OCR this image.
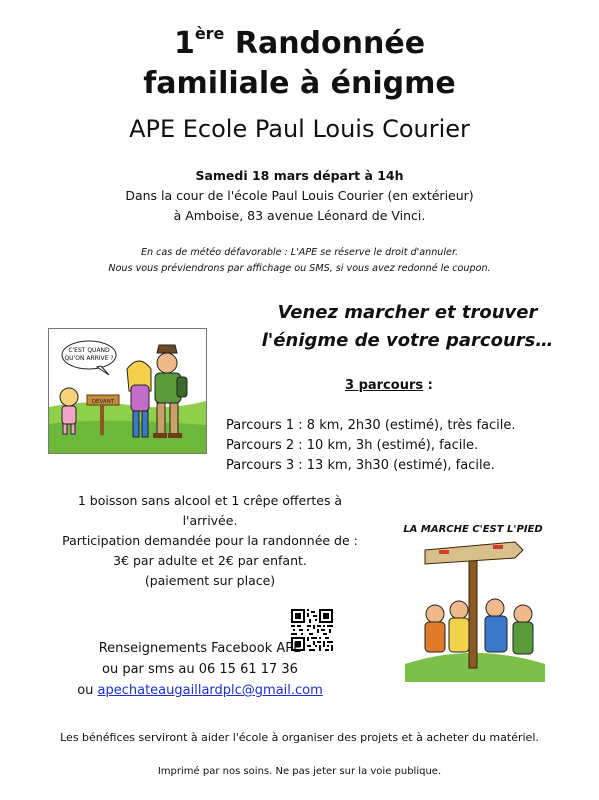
1ère Randonnée
familiale à énigme
APE Ecole Paul Louis Courier
Samedi 18 mars départ à 14h
Dans la cour de l'école Paul Louis Courier (en extérieur)
à Amboise, 83 avenue Léonard de Vinci.
En cas de météo défavorable : L'APE se réserve le droit d'annuler.
Nous vous préviendrons par affichage ou SMS, si vous avez redonné le coupon.
Venez marcher et trouver
l'énigme de votre parcours…
C'EST QUAND
QU'ON ARRIVE ?
DEVANT
3 parcours :
Parcours 1 : 8 km, 2h30 (estimé), très facile.
Parcours 2 : 10 km, 3h (estimé), facile.
Parcours 3 : 13 km, 3h30 (estimé), facile.
1 boisson sans alcool et 1 crêpe offertes à
l'arrivée.
Participation demandée pour la randonnée de :
3€ par adulte et 2€ par enfant.
(paiement sur place)
LA MARCHE C'EST L'PIED
Renseignements Facebook APE
ou par sms au 06 15 61 17 36
ou apechateaugaillardplc@gmail.com
Les bénéfices serviront à aider l'école à organiser des projets et à acheter du matériel.
Imprimé par nos soins. Ne pas jeter sur la voie publique.
